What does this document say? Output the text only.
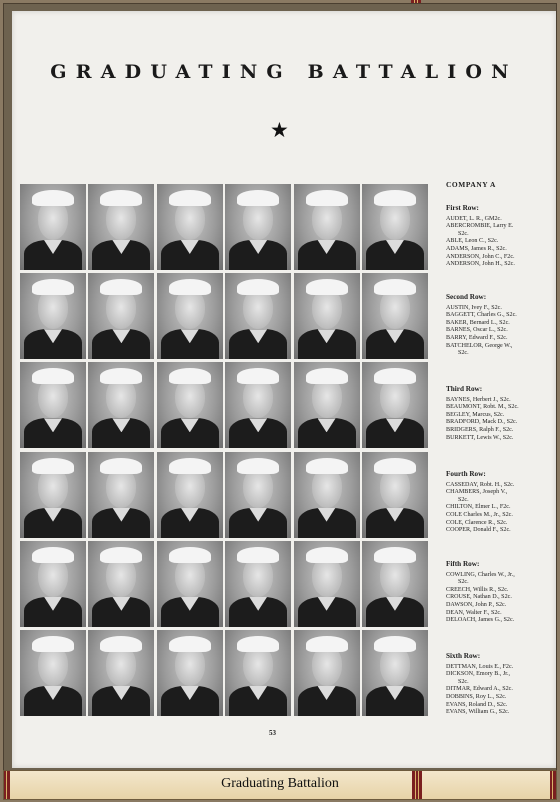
GRADUATING BATTALION
★
COMPANY A
First Row:
AUDET, L. R., GM2c.
ABERCROMBIE, Larry E.
S2c.
ABLE, Leon C., S2c.
ADAMS, James R., S2c.
ANDERSON, John C., F2c.
ANDERSON, John H., S2c.
Second Row:
AUSTIN, Ivey F., S2c.
BAGGETT, Charles G., S2c.
BAKER, Bernard L., S2c.
BARNES, Oscar L., S2c.
BARRY, Edward F., S2c.
BATCHELOR, George W.,
S2c.
Third Row:
BAYNES, Herbert J., S2c.
BEAUMONT, Robt. M., S2c.
BEGLEY, Marcus, S2c.
BRADFORD, Mack D., S2c.
BRIDGERS, Ralph F., S2c.
BURKETT, Lewis W., S2c.
Fourth Row:
CASSEDAY, Robt. H., S2c.
CHAMBERS, Joseph V.,
S2c.
CHILTON, Elmer L., F2c.
COLE Charles M., Jr., S2c.
COLE, Clarence R., S2c.
COOPER, Donald F., S2c.
Fifth Row:
COWLING, Charles W., Jr.,
S2c.
CREECH, Willis R., S2c.
CROUSE, Nathan D., S2c.
DAWSON, John P., S2c.
DEAN, Walter F., S2c.
DELOACH, James G., S2c.
Sixth Row:
DETTMAN, Louis E., F2c.
DICKSON, Emory B., Jr.,
S2c.
DITMAR, Edward A., S2c.
DOBBINS, Roy L., S2c.
EVANS, Roland D., S2c.
EVANS, William G., S2c.
53
Graduating Battalion
